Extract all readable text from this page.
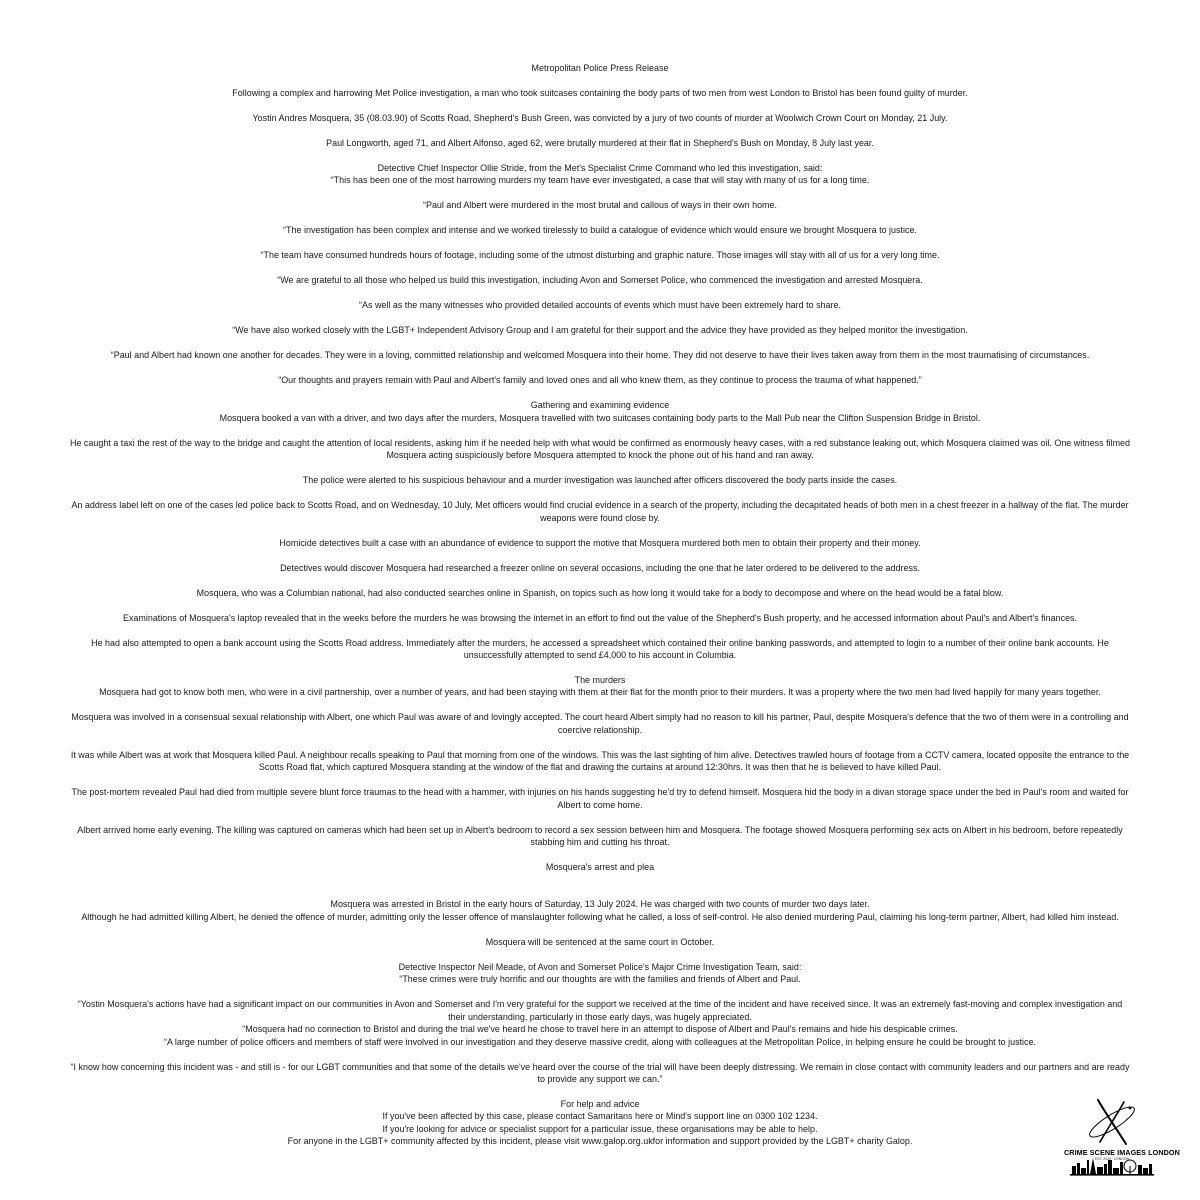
Metropolitan Police Press Release

Following a complex and harrowing Met Police investigation, a man who took suitcases containing the body parts of two men from west London to Bristol has been found guilty of murder.

Yostin Andres Mosquera, 35 (08.03.90) of Scotts Road, Shepherd's Bush Green, was convicted by a jury of two counts of murder at Woolwich Crown Court on Monday, 21 July.

Paul Longworth, aged 71, and Albert Alfonso, aged 62, were brutally murdered at their flat in Shepherd's Bush on Monday, 8 July last year.

Detective Chief Inspector Ollie Stride, from the Met's Specialist Crime Command who led this investigation, said:
“This has been one of the most harrowing murders my team have ever investigated, a case that will stay with many of us for a long time.

“Paul and Albert were murdered in the most brutal and callous of ways in their own home.

“The investigation has been complex and intense and we worked tirelessly to build a catalogue of evidence which would ensure we brought Mosquera to justice.

“The team have consumed hundreds hours of footage, including some of the utmost disturbing and graphic nature. Those images will stay with all of us for a very long time.

“We are grateful to all those who helped us build this investigation, including Avon and Somerset Police, who commenced the investigation and arrested Mosquera.

“As well as the many witnesses who provided detailed accounts of events which must have been extremely hard to share.

“We have also worked closely with the LGBT+ Independent Advisory Group and I am grateful for their support and the advice they have provided as they helped monitor the investigation.

“Paul and Albert had known one another for decades. They were in a loving, committed relationship and welcomed Mosquera into their home. They did not deserve to have their lives taken away from them in the most traumatising of circumstances.

“Our thoughts and prayers remain with Paul and Albert's family and loved ones and all who knew them, as they continue to process the trauma of what happened.”

Gathering and examining evidence
Mosquera booked a van with a driver, and two days after the murders, Mosquera travelled with two suitcases containing body parts to the Mall Pub near the Clifton Suspension Bridge in Bristol.

He caught a taxi the rest of the way to the bridge and caught the attention of local residents, asking him if he needed help with what would be confirmed as enormously heavy cases, with a red substance leaking out, which Mosquera claimed was oil. One witness filmed
Mosquera acting suspiciously before Mosquera attempted to knock the phone out of his hand and ran away.

The police were alerted to his suspicious behaviour and a murder investigation was launched after officers discovered the body parts inside the cases.

An address label left on one of the cases led police back to Scotts Road, and on Wednesday, 10 July, Met officers would find crucial evidence in a search of the property, including the decapitated heads of both men in a chest freezer in a hallway of the flat. The murder
weapons were found close by.

Homicide detectives built a case with an abundance of evidence to support the motive that Mosquera murdered both men to obtain their property and their money.

Detectives would discover Mosquera had researched a freezer online on several occasions, including the one that he later ordered to be delivered to the address.

Mosquera, who was a Columbian national, had also conducted searches online in Spanish, on topics such as how long it would take for a body to decompose and where on the head would be a fatal blow.

Examinations of Mosquera's laptop revealed that in the weeks before the murders he was browsing the internet in an effort to find out the value of the Shepherd's Bush property, and he accessed information about Paul's and Albert's finances.

He had also attempted to open a bank account using the Scotts Road address. Immediately after the murders, he accessed a spreadsheet which contained their online banking passwords, and attempted to login to a number of their online bank accounts. He
unsuccessfully attempted to send £4,000 to his account in Columbia.

The murders
Mosquera had got to know both men, who were in a civil partnership, over a number of years, and had been staying with them at their flat for the month prior to their murders. It was a property where the two men had lived happily for many years together.

Mosquera was involved in a consensual sexual relationship with Albert, one which Paul was aware of and lovingly accepted. The court heard Albert simply had no reason to kill his partner, Paul, despite Mosquera's defence that the two of them were in a controlling and
coercive relationship.

It was while Albert was at work that Mosquera killed Paul. A neighbour recalls speaking to Paul that morning from one of the windows. This was the last sighting of him alive. Detectives trawled hours of footage from a CCTV camera, located opposite the entrance to the
Scotts Road flat, which captured Mosquera standing at the window of the flat and drawing the curtains at around 12:30hrs. It was then that he is believed to have killed Paul.

The post-mortem revealed Paul had died from multiple severe blunt force traumas to the head with a hammer, with injuries on his hands suggesting he'd try to defend himself. Mosquera hid the body in a divan storage space under the bed in Paul's room and waited for
Albert to come home.

Albert arrived home early evening. The killing was captured on cameras which had been set up in Albert's bedroom to record a sex session between him and Mosquera. The footage showed Mosquera performing sex acts on Albert in his bedroom, before repeatedly
stabbing him and cutting his throat.

Mosquera's arrest and plea

Mosquera was arrested in Bristol in the early hours of Saturday, 13 July 2024. He was charged with two counts of murder two days later.
Although he had admitted killing Albert, he denied the offence of murder, admitting only the lesser offence of manslaughter following what he called, a loss of self-control. He also denied murdering Paul, claiming his long-term partner, Albert, had killed him instead.

Mosquera will be sentenced at the same court in October.

Detective Inspector Neil Meade, of Avon and Somerset Police's Major Crime Investigation Team, said:
“These crimes were truly horrific and our thoughts are with the families and friends of Albert and Paul.

“Yostin Mosquera's actions have had a significant impact on our communities in Avon and Somerset and I'm very grateful for the support we received at the time of the incident and have received since. It was an extremely fast-moving and complex investigation and
their understanding, particularly in those early days, was hugely appreciated.
“Mosquera had no connection to Bristol and during the trial we've heard he chose to travel here in an attempt to dispose of Albert and Paul's remains and hide his despicable crimes.
“A large number of police officers and members of staff were involved in our investigation and they deserve massive credit, along with colleagues at the Metropolitan Police, in helping ensure he could be brought to justice.

“I know how concerning this incident was - and still is - for our LGBT communities and that some of the details we've heard over the course of the trial will have been deeply distressing. We remain in close contact with community leaders and our partners and are ready
to provide any support we can.”

For help and advice
If you've been affected by this case, please contact Samaritans here or Mind's support line on 0300 102 1234.
If you're looking for advice or specialist support for a particular issue, these organisations may be able to help.
For anyone in the LGBT+ community affected by this incident, please visit www.galop.org.ukfor information and support provided by the LGBT+ charity Galop.

CRIME SCENE IMAGES LONDON
EST. 2020 · LONDON
